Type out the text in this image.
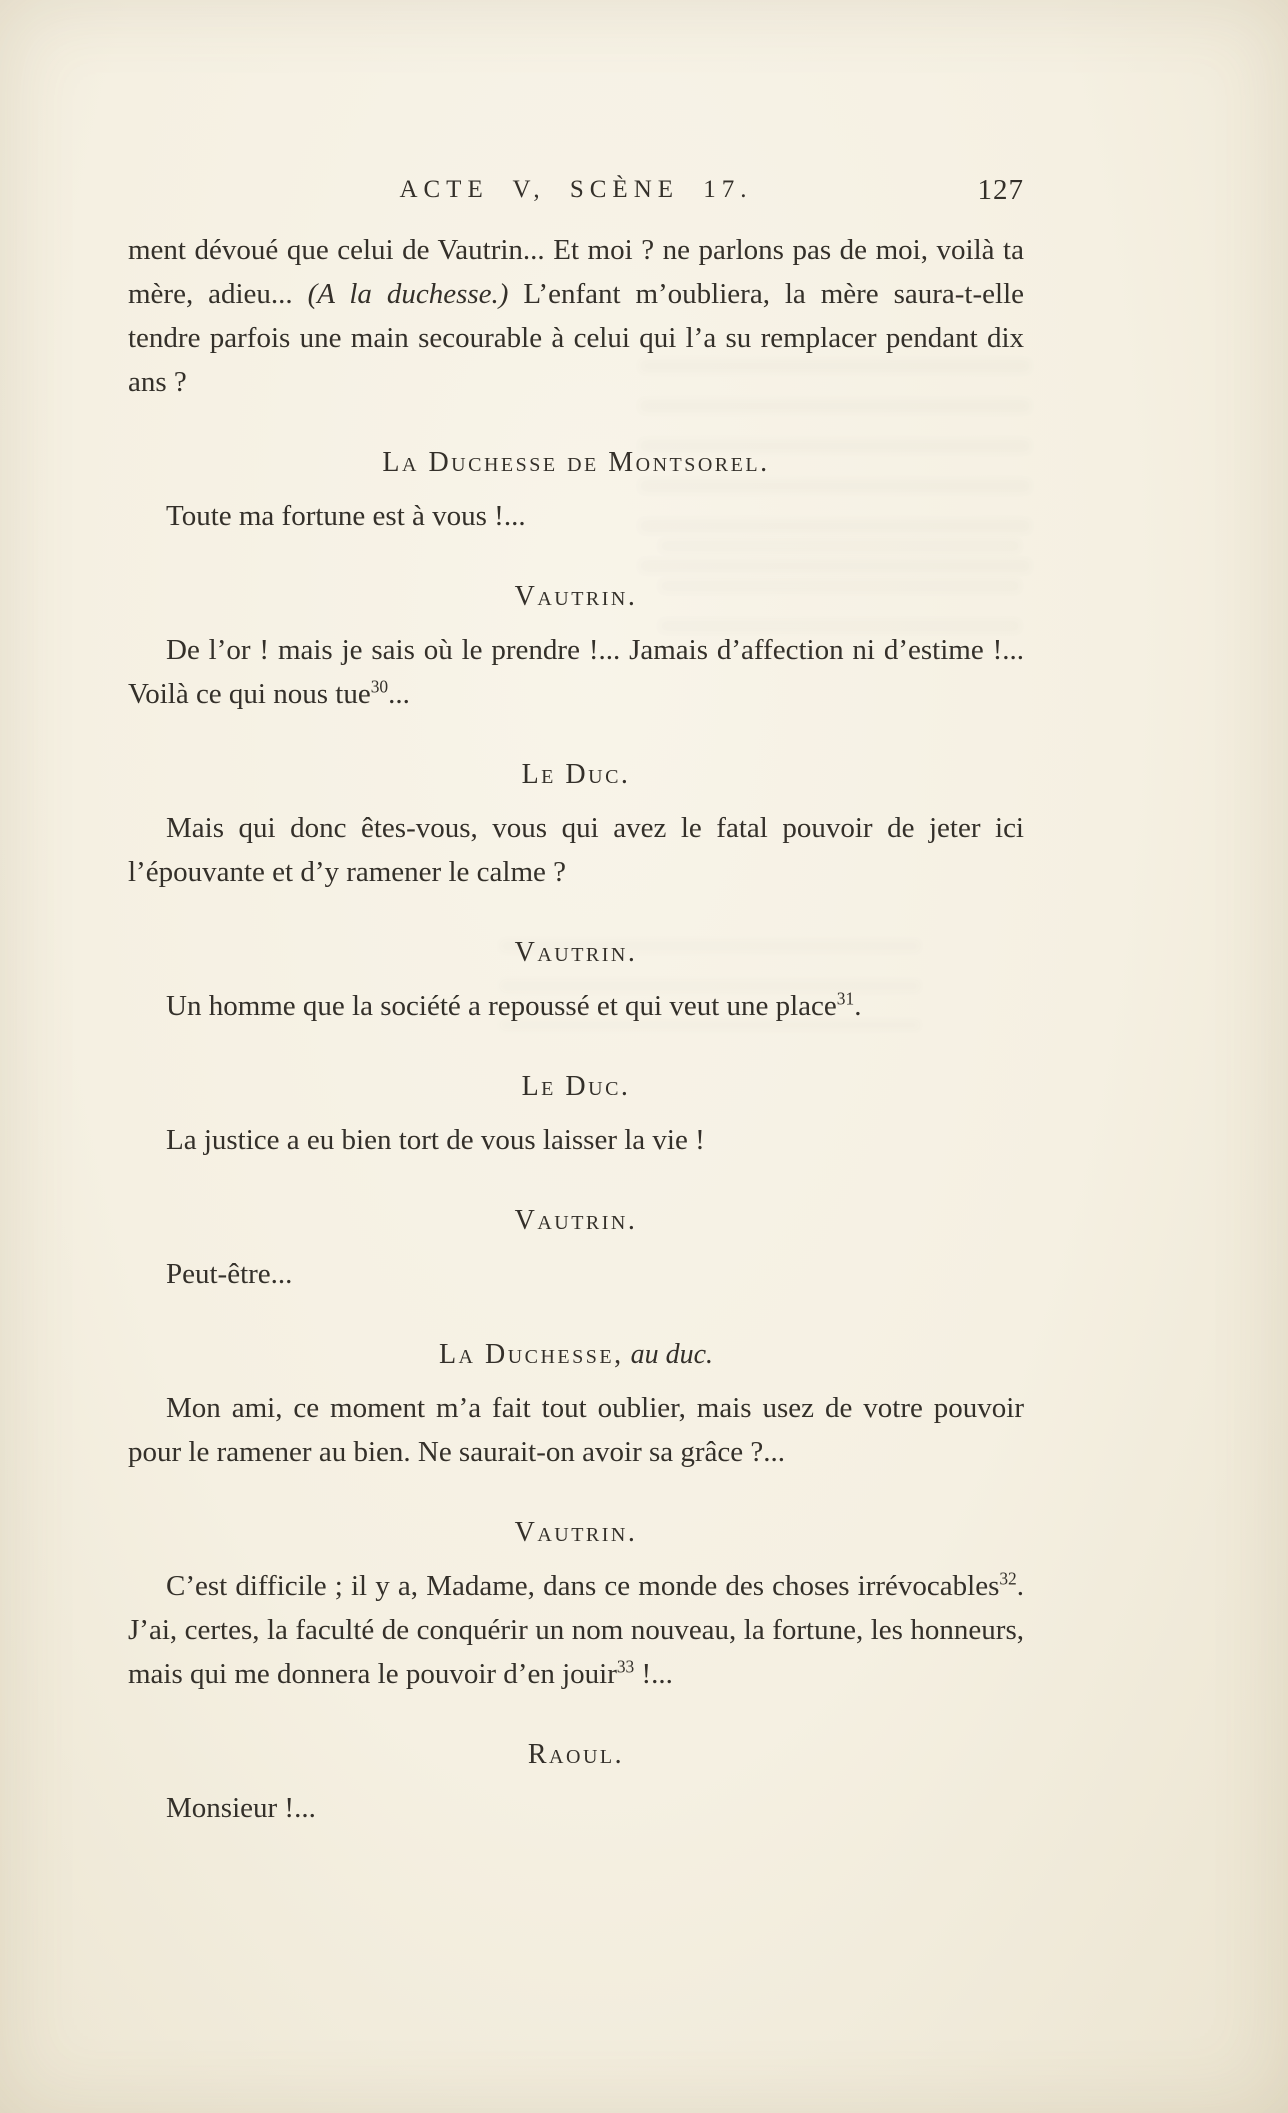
ACTE V, SCÈNE 17.	127

ment dévoué que celui de Vautrin... Et moi ? ne parlons pas de moi, voilà ta mère, adieu... (A la duchesse.) L’enfant m’oubliera, la mère saura-t-elle tendre parfois une main secourable à celui qui l’a su remplacer pendant dix ans ?

La Duchesse de Montsorel.

Toute ma fortune est à vous !...

Vautrin.

De l’or ! mais je sais où le prendre !... Jamais d’affection ni d’estime !... Voilà ce qui nous tue$^{30}$...

Le Duc.

Mais qui donc êtes-vous, vous qui avez le fatal pouvoir de jeter ici l’épouvante et d’y ramener le calme ?

Vautrin.

Un homme que la société a repoussé et qui veut une place$^{31}$.

Le Duc.

La justice a eu bien tort de vous laisser la vie !

Vautrin.

Peut-être...

La Duchesse, au duc.

Mon ami, ce moment m’a fait tout oublier, mais usez de votre pouvoir pour le ramener au bien. Ne saurait-on avoir sa grâce ?...

Vautrin.

C’est difficile ; il y a, Madame, dans ce monde des choses irrévocables$^{32}$. J’ai, certes, la faculté de conquérir un nom nouveau, la fortune, les honneurs, mais qui me donnera le pouvoir d’en jouir$^{33}$ !...

Raoul.

Monsieur !...
